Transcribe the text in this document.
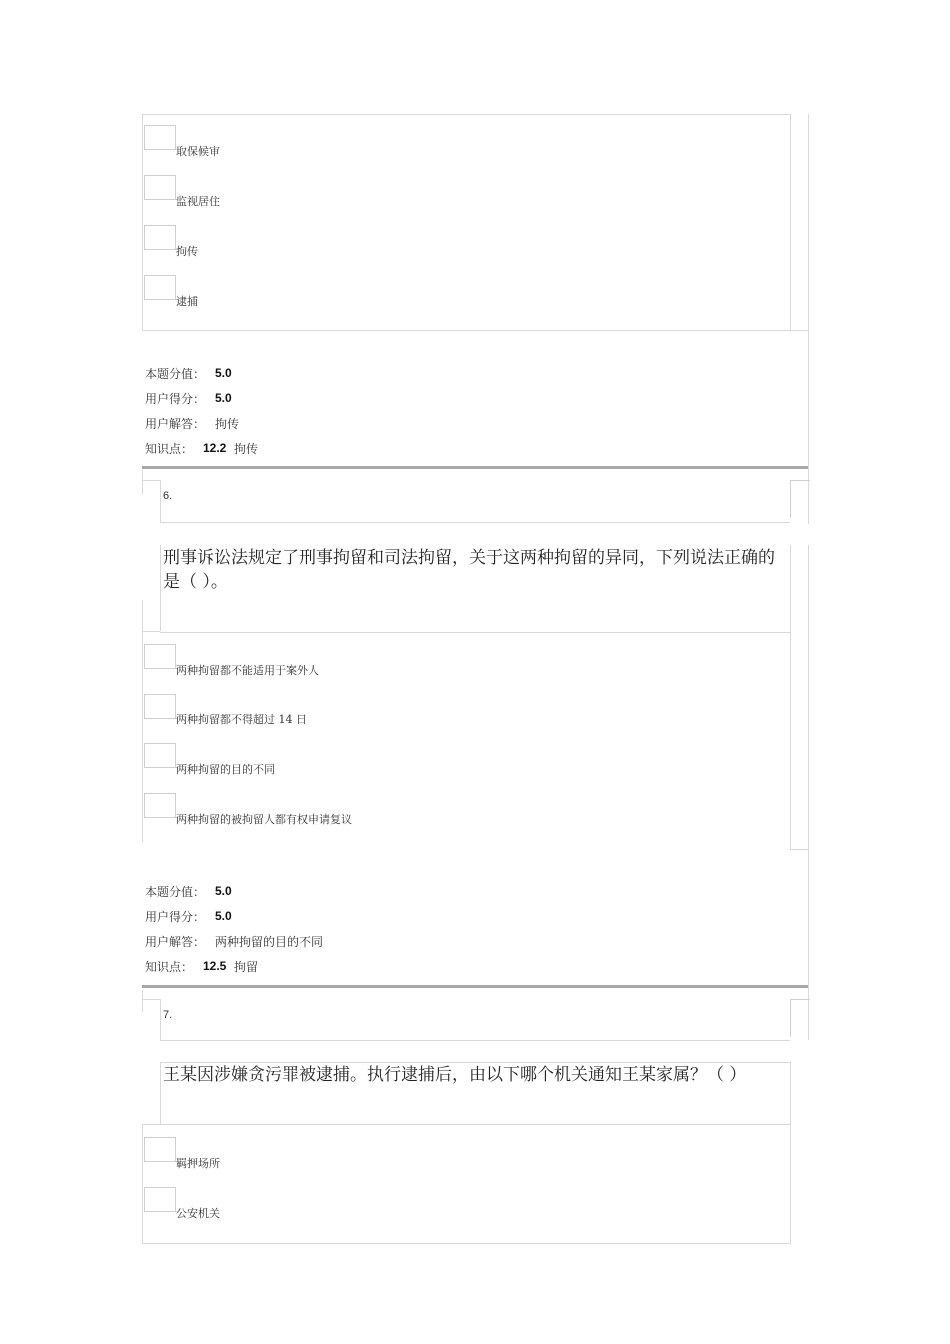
取保候审
监视居住
拘传
逮捕
本题分值： 5.0
用户得分： 5.0
用户解答： 拘传
知识点： 12.2 拘传
6.
刑事诉讼法规定了刑事拘留和司法拘留，关于这两种拘留的异同，下列说法正确的是（ ）。
两种拘留都不能适用于案外人
两种拘留都不得超过 14 日
两种拘留的目的不同
两种拘留的被拘留人都有权申请复议
本题分值： 5.0
用户得分： 5.0
用户解答： 两种拘留的目的不同
知识点： 12.5 拘留
7.
王某因涉嫌贪污罪被逮捕。执行逮捕后，由以下哪个机关通知王某家属？（ ）
羁押场所
公安机关
